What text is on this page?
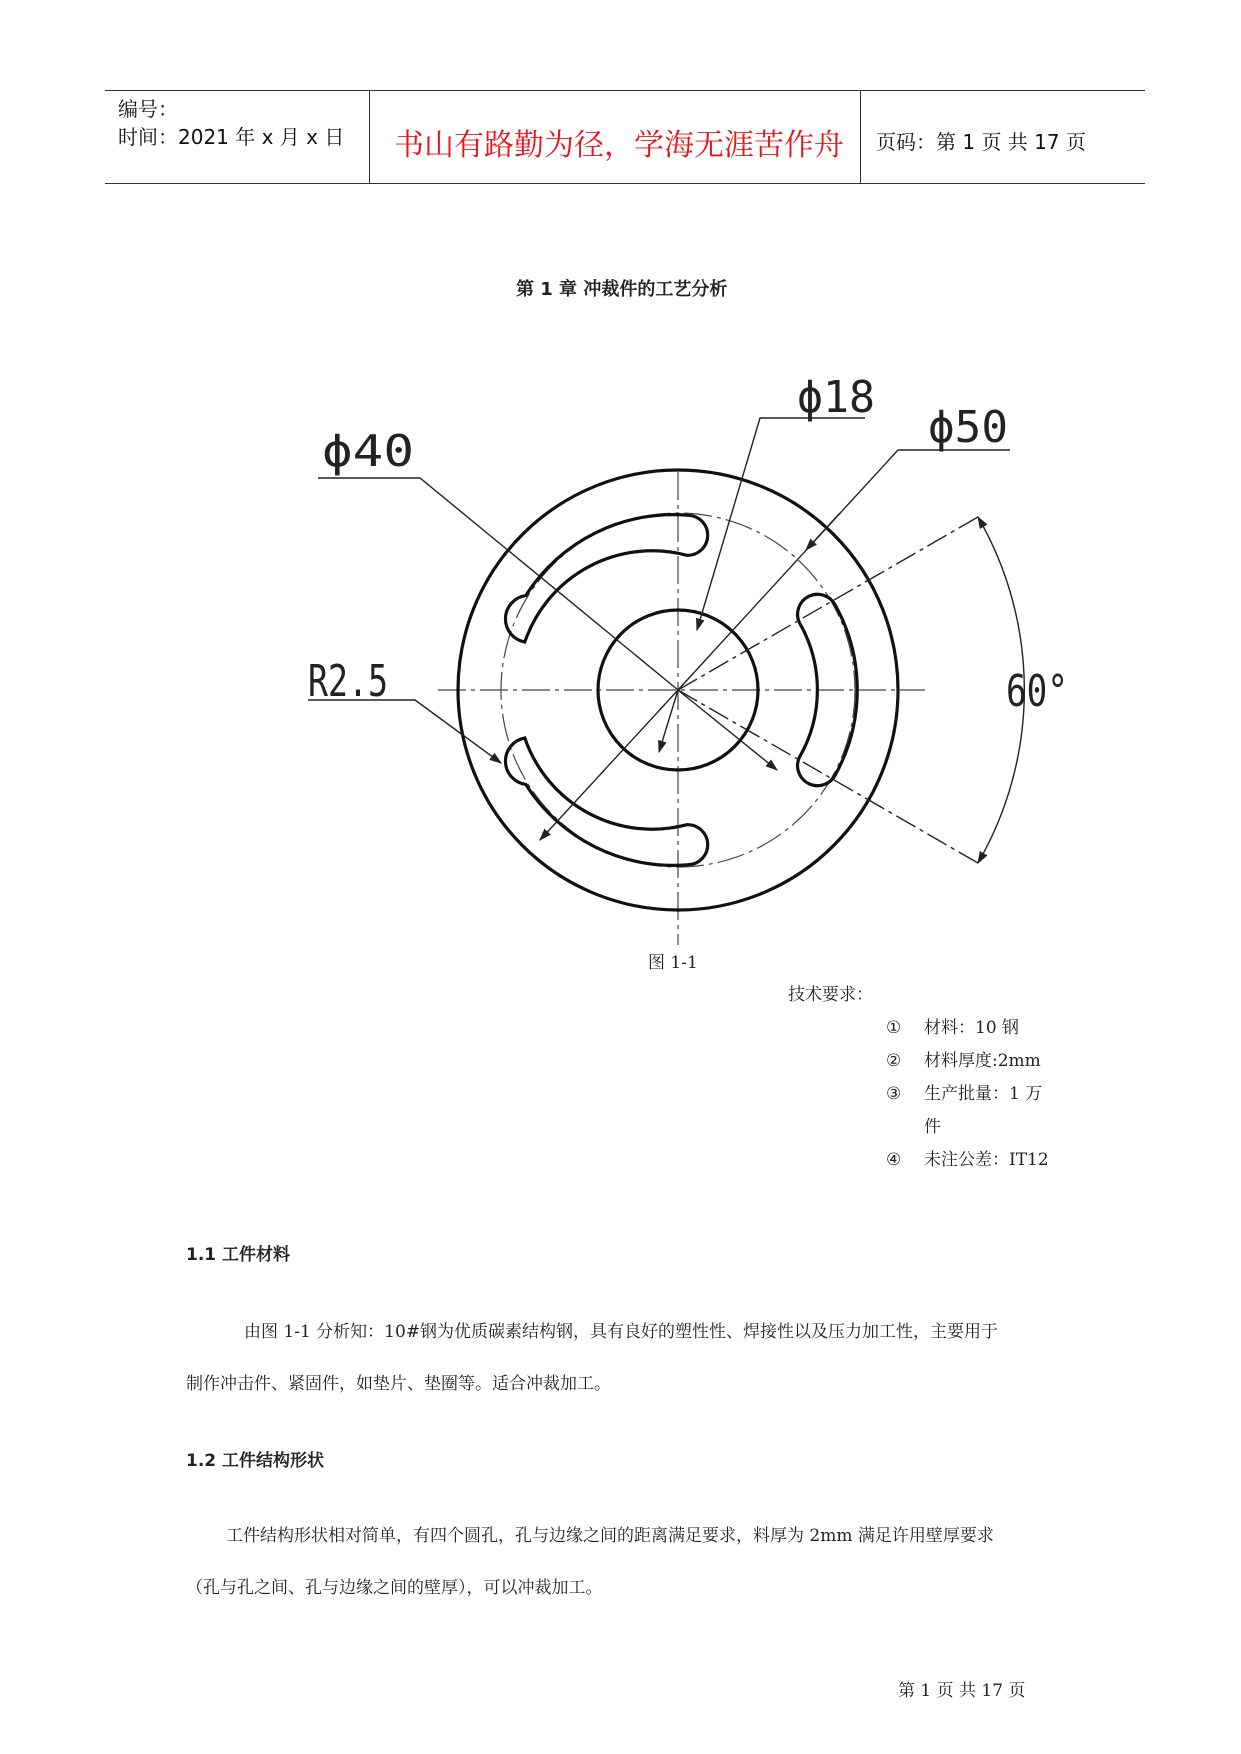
编号：
时间：2021 年 x 月 x 日 书山有路勤为径，学海无涯苦作舟 页码：第 1 页 共 17 页
第 1 章 冲裁件的工艺分析
ϕ40
ϕ18
ϕ50
R2.5	60°
图 1-1
技术要求：
① 材料：10 钢
② 材料厚度:2mm
③ 生产批量：1 万
件
④ 未注公差：IT12
1.1 工件材料
由图 1-1 分析知：10#钢为优质碳素结构钢，具有良好的塑性性、焊接性以及压力加工性，主要用于
制作冲击件、紧固件，如垫片、垫圈等。适合冲裁加工。
1.2 工件结构形状
工件结构形状相对简单，有四个圆孔，孔与边缘之间的距离满足要求，料厚为 2mm 满足许用壁厚要求
（孔与孔之间、孔与边缘之间的壁厚），可以冲裁加工。
第 1 页 共 17 页
